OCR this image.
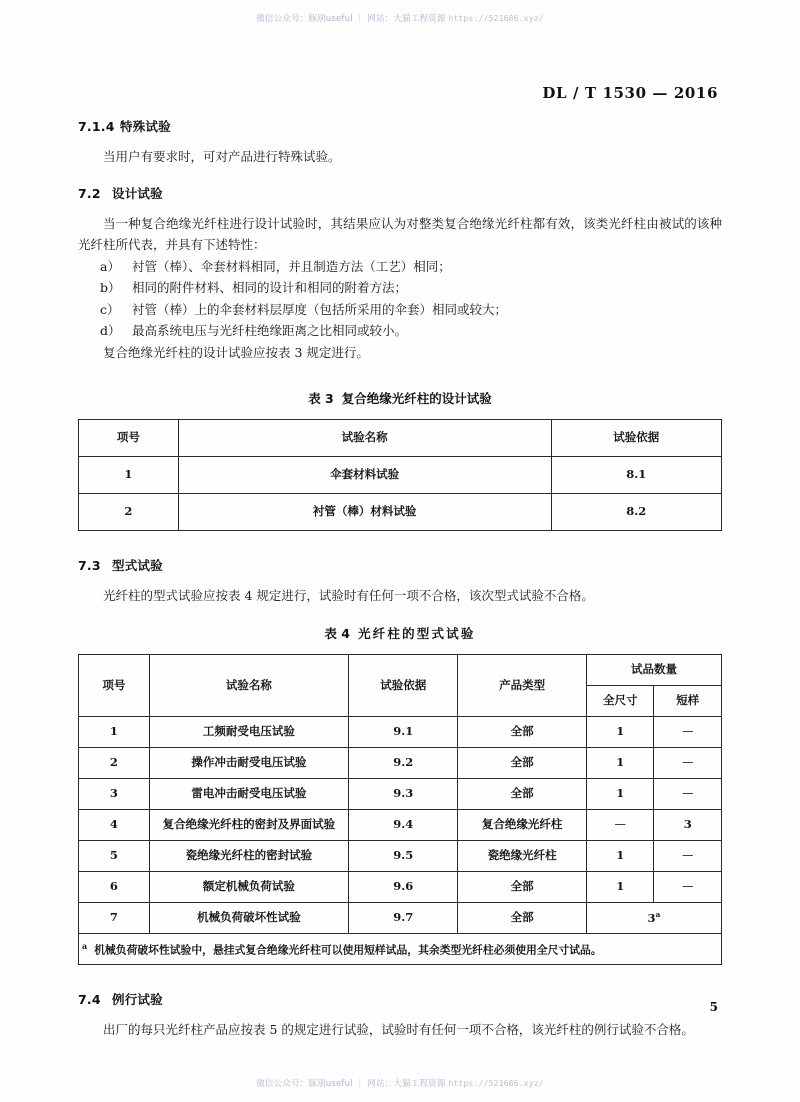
微信公众号：豚别useful ｜ 网站：大猫工程资源 https://521686.xyz/
DL / T 1530 — 2016
7.1.4 特殊试验

当用户有要求时，可对产品进行特殊试验。

7.2 设计试验

当一种复合绝缘光纤柱进行设计试验时，其结果应认为对整类复合绝缘光纤柱都有效，该类光纤柱由被试的该种光纤柱所代表，并具有下述特性：

a） 衬管（棒）、伞套材料相同，并且制造方法（工艺）相同；
b） 相同的附件材料、相同的设计和相同的附着方法；
c） 衬管（棒）上的伞套材料层厚度（包括所采用的伞套）相同或较大；
d） 最高系统电压与光纤柱绝缘距离之比相同或较小。

复合绝缘光纤柱的设计试验应按表 3 规定进行。

表 3 复合绝缘光纤柱的设计试验

项号	试验名称	试验依据
1	伞套材料试验	8.1
2	衬管（棒）材料试验	8.2
7.3 型式试验

光纤柱的型式试验应按表 4 规定进行，试验时有任何一项不合格，该次型式试验不合格。

表 4 光纤柱的型式试验

项号	试验名称	试验依据	产品类型	试品数量	
				全尺寸	短样
1	工频耐受电压试验	9.1	全部	1	—
2	操作冲击耐受电压试验	9.2	全部	1	—
3	雷电冲击耐受电压试验	9.3	全部	1	—
4	复合绝缘光纤柱的密封及界面试验	9.4	复合绝缘光纤柱	—	3
5	瓷绝缘光纤柱的密封试验	9.5	瓷绝缘光纤柱	1	—
6	额定机械负荷试验	9.6	全部	1	—
7	机械负荷破坏性试验	9.7	全部	3$^a$
$^a$ 机械负荷破坏性试验中，悬挂式复合绝缘光纤柱可以使用短样试品，其余类型光纤柱必须使用全尺寸试品。					
7.4 例行试验

出厂的每只光纤柱产品应按表 5 的规定进行试验，试验时有任何一项不合格，该光纤柱的例行试验不合格。

5
微信公众号：豚别useful ｜ 网站：大猫工程资源 https://521686.xyz/
